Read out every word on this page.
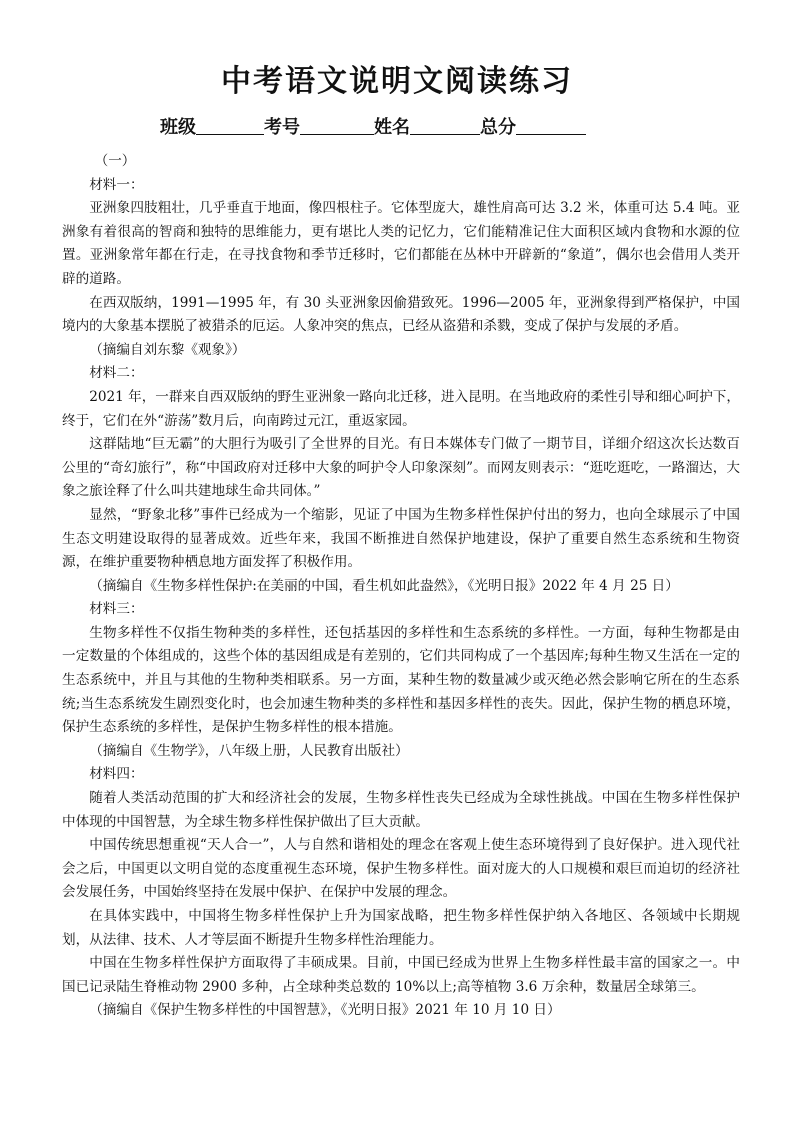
中考语文说明文阅读练习
班级	考号	姓名	总分

（一）

材料一：

亚洲象四肢粗壮，几乎垂直于地面，像四根柱子。它体型庞大，雄性肩高可达 3.2 米，体重可达 5.4 吨。亚洲象有着很高的智商和独特的思维能力，更有堪比人类的记忆力，它们能精准记住大面积区域内食物和水源的位置。亚洲象常年都在行走，在寻找食物和季节迁移时，它们都能在丛林中开辟新的“象道”，偶尔也会借用人类开辟的道路。

在西双版纳，1991—1995 年，有 30 头亚洲象因偷猎致死。1996—2005 年，亚洲象得到严格保护，中国境内的大象基本摆脱了被猎杀的厄运。人象冲突的焦点，已经从盗猎和杀戮，变成了保护与发展的矛盾。

（摘编自刘东黎《观象》）

材料二：

2021 年，一群来自西双版纳的野生亚洲象一路向北迁移，进入昆明。在当地政府的柔性引导和细心呵护下，终于，它们在外“游荡”数月后，向南跨过元江，重返家园。

这群陆地“巨无霸”的大胆行为吸引了全世界的目光。有日本媒体专门做了一期节目，详细介绍这次长达数百公里的“奇幻旅行”，称“中国政府对迁移中大象的呵护令人印象深刻”。而网友则表示：“逛吃逛吃，一路溜达，大象之旅诠释了什么叫共建地球生命共同体。”

显然，“野象北移”事件已经成为一个缩影，见证了中国为生物多样性保护付出的努力，也向全球展示了中国生态文明建设取得的显著成效。近些年来，我国不断推进自然保护地建设，保护了重要自然生态系统和生物资源，在维护重要物种栖息地方面发挥了积极作用。

（摘编自《生物多样性保护:在美丽的中国，看生机如此盎然》，《光明日报》2022 年 4 月 25 日）

材料三：

生物多样性不仅指生物种类的多样性，还包括基因的多样性和生态系统的多样性。一方面，每种生物都是由一定数量的个体组成的，这些个体的基因组成是有差别的，它们共同构成了一个基因库;每种生物又生活在一定的生态系统中，并且与其他的生物种类相联系。另一方面，某种生物的数量减少或灭绝必然会影响它所在的生态系统;当生态系统发生剧烈变化时，也会加速生物种类的多样性和基因多样性的丧失。因此，保护生物的栖息环境，保护生态系统的多样性，是保护生物多样性的根本措施。

（摘编自《生物学》，八年级上册，人民教育出版社）

材料四：

随着人类活动范围的扩大和经济社会的发展，生物多样性丧失已经成为全球性挑战。中国在生物多样性保护中体现的中国智慧，为全球生物多样性保护做出了巨大贡献。

中国传统思想重视“天人合一”，人与自然和谐相处的理念在客观上使生态环境得到了良好保护。进入现代社会之后，中国更以文明自觉的态度重视生态环境，保护生物多样性。面对庞大的人口规模和艰巨而迫切的经济社会发展任务，中国始终坚持在发展中保护、在保护中发展的理念。

在具体实践中，中国将生物多样性保护上升为国家战略，把生物多样性保护纳入各地区、各领域中长期规划，从法律、技术、人才等层面不断提升生物多样性治理能力。

中国在生物多样性保护方面取得了丰硕成果。目前，中国已经成为世界上生物多样性最丰富的国家之一。中国已记录陆生脊椎动物 2900 多种，占全球种类总数的 10%以上;高等植物 3.6 万余种，数量居全球第三。

（摘编自《保护生物多样性的中国智慧》，《光明日报》2021 年 10 月 10 日）
